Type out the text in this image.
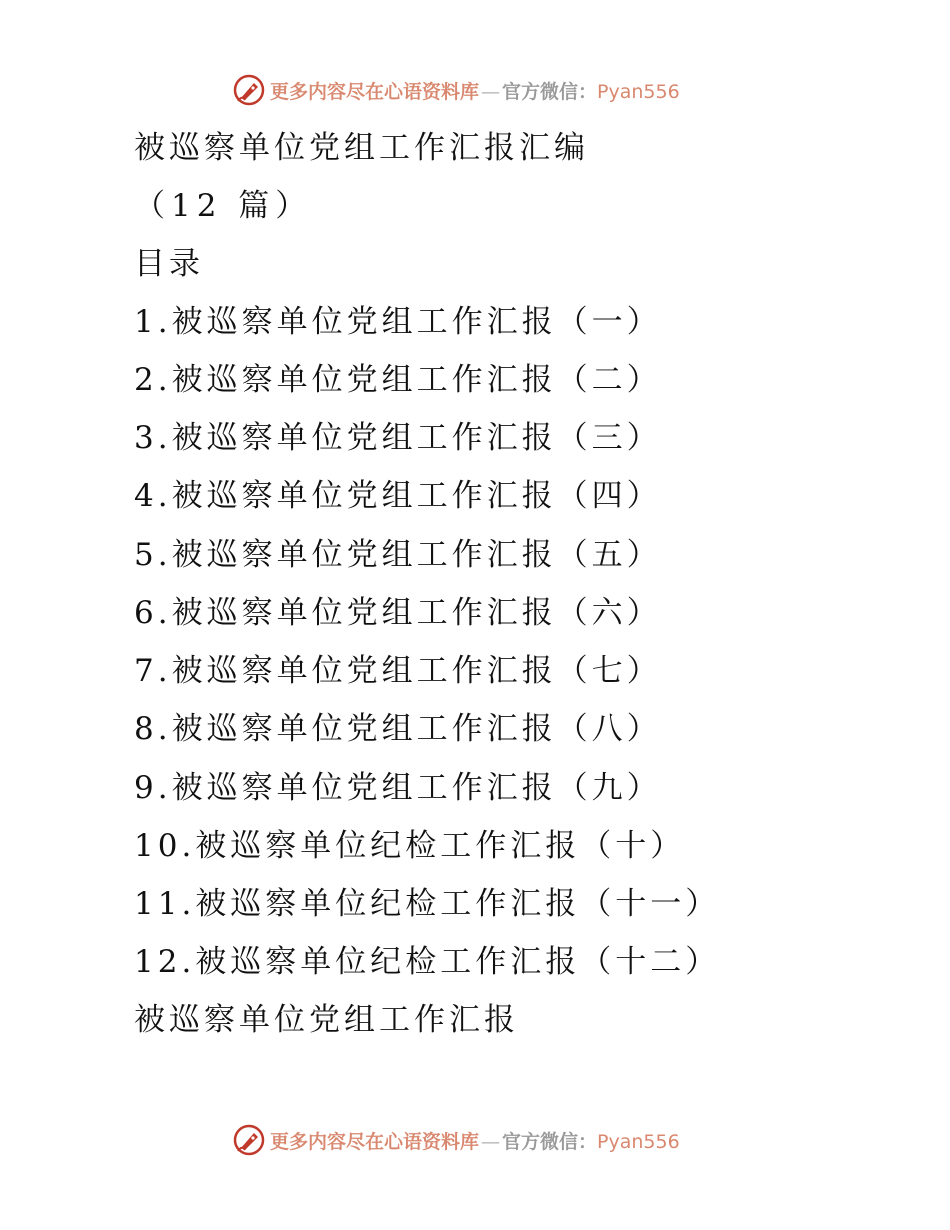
更多内容尽在心语资料库 — 官方微信：Pyan556
被巡察单位党组工作汇报汇编
（12 篇）
目录
1.被巡察单位党组工作汇报（一）
2.被巡察单位党组工作汇报（二）
3.被巡察单位党组工作汇报（三）
4.被巡察单位党组工作汇报（四）
5.被巡察单位党组工作汇报（五）
6.被巡察单位党组工作汇报（六）
7.被巡察单位党组工作汇报（七）
8.被巡察单位党组工作汇报（八）
9.被巡察单位党组工作汇报（九）
10.被巡察单位纪检工作汇报（十）
11.被巡察单位纪检工作汇报（十一）
12.被巡察单位纪检工作汇报（十二）
被巡察单位党组工作汇报
更多内容尽在心语资料库 — 官方微信：Pyan556
